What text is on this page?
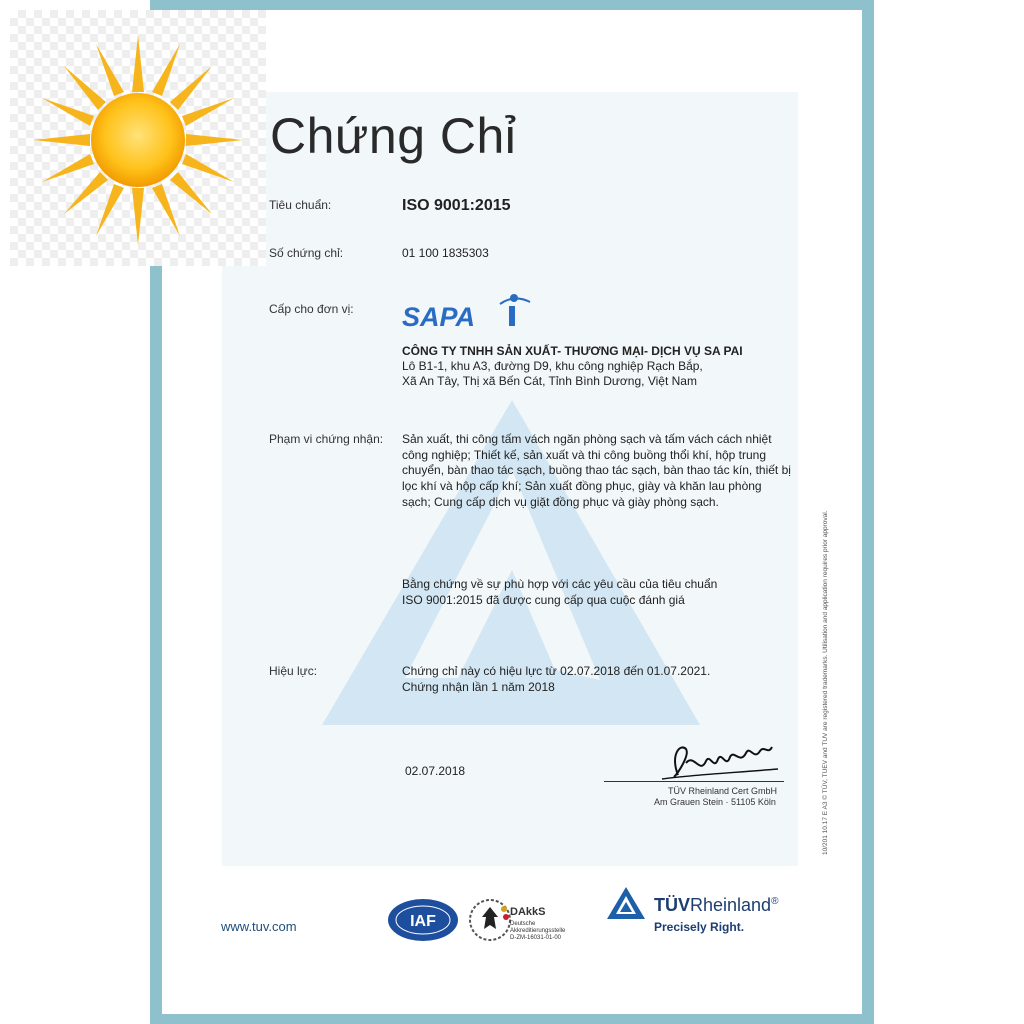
Chứng Chỉ
Tiêu chuẩn:	ISO 9001:2015
Số chứng chỉ:	01 100 1835303
Cấp cho đơn vị: SAPA
CÔNG TY TNHH SẢN XUẤT- THƯƠNG MẠI- DỊCH VỤ SA PAI
Lô B1-1, khu A3, đường D9, khu công nghiệp Rạch Bắp,
Xã An Tây, Thị xã Bến Cát, Tỉnh Bình Dương, Việt Nam
Phạm vi chứng nhận: Sản xuất, thi công tấm vách ngăn phòng sạch và tấm vách cách nhiệt công nghiệp; Thiết kế, sản xuất và thi công buồng thổi khí, hộp trung chuyển, bàn thao tác sạch, buồng thao tác sạch, bàn thao tác kín, thiết bị lọc khí và hộp cấp khí; Sản xuất đồng phục, giày và khăn lau phòng sạch; Cung cấp dịch vụ giặt đồng phục và giày phòng sạch.
Bằng chứng về sự phù hợp với các yêu cầu của tiêu chuẩn
ISO 9001:2015 đã được cung cấp qua cuộc đánh giá
Hiệu lực:	Chứng chỉ này có hiệu lực từ 02.07.2018 đến 01.07.2021.
Chứng nhận lần 1 năm 2018
02.07.2018
TÜV Rheinland Cert GmbH
Am Grauen Stein · 51105 Köln	10/201 10.17 E A3 © TÜV, TUEV and TUV are registered trademarks. Utilisation and application requires prior approval.
www.tuv.com	IAF
DAkkS
Deutsche
Akkreditierungsstelle
D-ZM-16031-01-00
TÜVRheinland®
Precisely Right.
